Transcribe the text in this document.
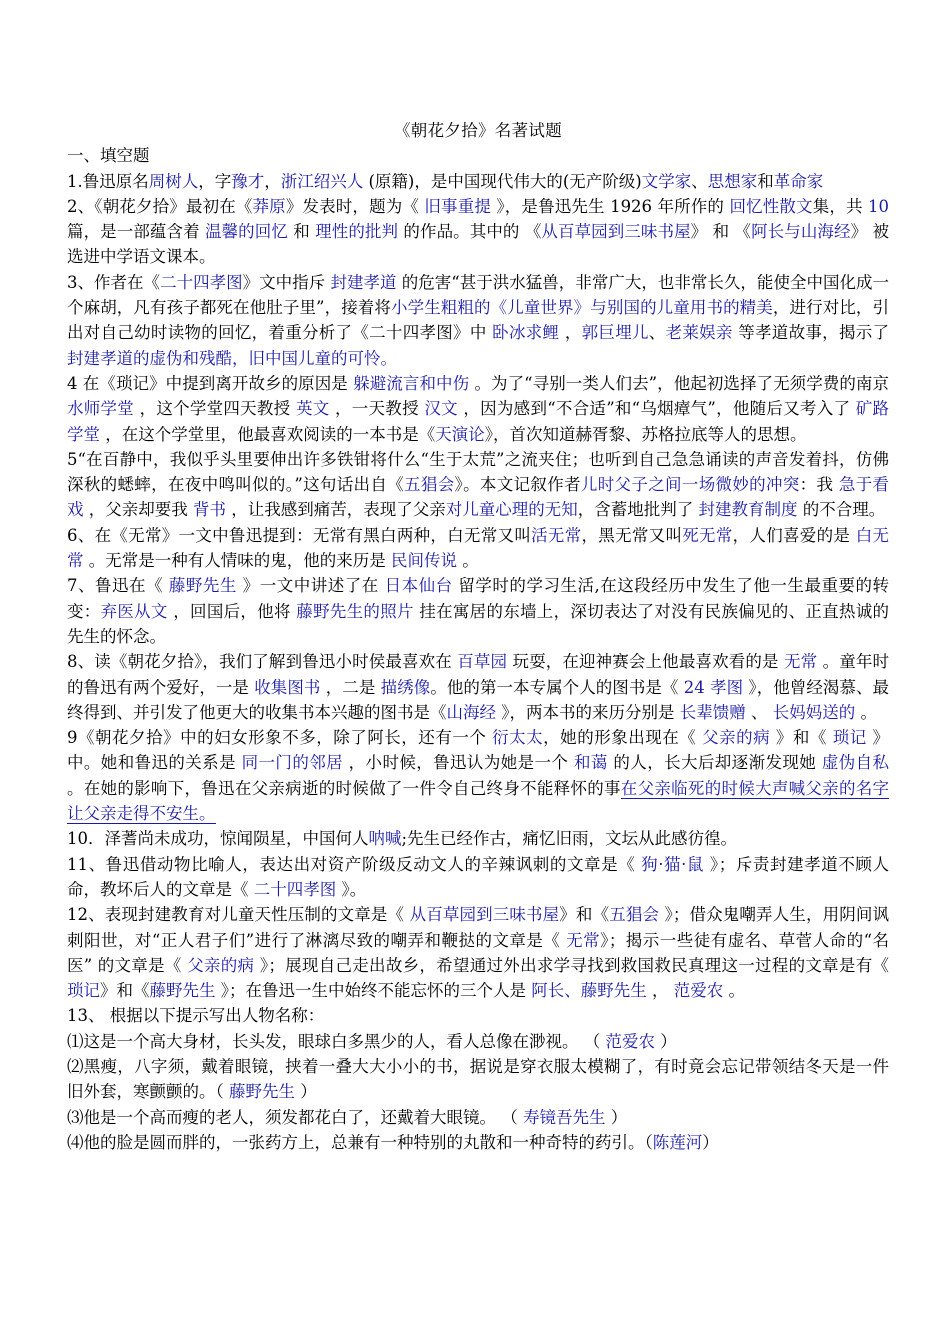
《朝花夕拾》名著试题
一、填空题
1.鲁迅原名周树人，字豫才，浙江绍兴人 (原籍)，是中国现代伟大的(无产阶级)文学家、思想家和革命家
2、《朝花夕拾》最初在《莽原》发表时，题为《 旧事重提 》，是鲁迅先生 1926 年所作的 回忆性散文集，共 10 篇，是一部蕴含着 温馨的回忆 和 理性的批判 的作品。其中的 《从百草园到三味书屋》 和 《阿长与山海经》 被选进中学语文课本。
3、作者在《二十四孝图》文中指斥 封建孝道 的危害“甚于洪水猛兽，非常广大，也非常长久，能使全中国化成一个麻胡，凡有孩子都死在他肚子里”，接着将小学生粗粗的《儿童世界》与别国的儿童用书的精美，进行对比，引出对自己幼时读物的回忆，着重分析了《二十四孝图》中 卧冰求鲤 ，郭巨埋儿、老莱娱亲 等孝道故事，揭示了 封建孝道的虚伪和残酷，旧中国儿童的可怜。
4 在《琐记》中提到离开故乡的原因是 躲避流言和中伤 。为了“寻别一类人们去”，他起初选择了无须学费的南京 水师学堂 ，这个学堂四天教授 英文 ，一天教授 汉文 ，因为感到“不合适”和“乌烟瘴气”，他随后又考入了 矿路学堂 ，在这个学堂里，他最喜欢阅读的一本书是《天演论》，首次知道赫胥黎、苏格拉底等人的思想。
5“在百静中，我似乎头里要伸出许多铁钳将什么“生于太荒”之流夹住；也听到自己急急诵读的声音发着抖，仿佛深秋的蟋蟀，在夜中鸣叫似的。”这句话出自《五猖会》。本文记叙作者儿时父子之间一场微妙的冲突：我 急于看戏 ，父亲却要我 背书 ，让我感到痛苦，表现了父亲对儿童心理的无知，含蓄地批判了 封建教育制度 的不合理。
6、在《无常》一文中鲁迅提到：无常有黑白两种，白无常又叫活无常，黑无常又叫死无常，人们喜爱的是 白无常 。无常是一种有人情味的鬼，他的来历是 民间传说 。
7、鲁迅在《 藤野先生 》一文中讲述了在 日本仙台 留学时的学习生活,在这段经历中发生了他一生最重要的转变：弃医从文 ，回国后，他将 藤野先生的照片 挂在寓居的东墙上，深切表达了对没有民族偏见的、正直热诚的先生的怀念。
8、读《朝花夕拾》，我们了解到鲁迅小时侯最喜欢在 百草园 玩耍，在迎神赛会上他最喜欢看的是 无常 。童年时的鲁迅有两个爱好，一是 收集图书 ，二是 描绣像。他的第一本专属个人的图书是《 24 孝图 》，他曾经渴慕、最终得到、并引发了他更大的收集书本兴趣的图书是《山海经 》，两本书的来历分别是 长辈馈赠 、 长妈妈送的 。
9《朝花夕拾》中的妇女形象不多，除了阿长，还有一个 衍太太，她的形象出现在《 父亲的病 》和《 琐记 》中。她和鲁迅的关系是 同一门的邻居 ，小时候，鲁迅认为她是一个 和蔼 的人，长大后却逐渐发现她 虚伪自私 。在她的影响下，鲁迅在父亲病逝的时候做了一件令自己终身不能释怀的事在父亲临死的时候大声喊父亲的名字让父亲走得不安生。
10．泽蓍尚未成功，惊闻陨星，中国何人呐喊;先生已经作古，痛忆旧雨，文坛从此感彷徨。
11、鲁迅借动物比喻人，表达出对资产阶级反动文人的辛辣讽刺的文章是《 狗·猫·鼠 》；斥责封建孝道不顾人命，教坏后人的文章是《 二十四孝图 》。
12、表现封建教育对儿童天性压制的文章是《 从百草园到三味书屋》和《五猖会 》；借众鬼嘲弄人生，用阴间讽刺阳世，对“正人君子们”进行了淋漓尽致的嘲弄和鞭挞的文章是《 无常》；揭示一些徒有虚名、草菅人命的“名医” 的文章是《 父亲的病 》；展现自己走出故乡，希望通过外出求学寻找到救国救民真理这一过程的文章是有《 琐记》和《藤野先生 》；在鲁迅一生中始终不能忘怀的三个人是 阿长、藤野先生 ， 范爱农 。
13、 根据以下提示写出人物名称：
⑴这是一个高大身材，长头发，眼球白多黑少的人，看人总像在渺视。 （ 范爱农 ）
⑵黑瘦，八字须，戴着眼镜，挟着一叠大大小小的书，据说是穿衣服太模糊了，有时竟会忘记带领结冬天是一件旧外套，寒颤颤的。（ 藤野先生 ）
⑶他是一个高而瘦的老人，须发都花白了，还戴着大眼镜。 （ 寿镜吾先生 ）
⑷他的脸是圆而胖的，一张药方上，总兼有一种特别的丸散和一种奇特的药引。（陈莲河）
